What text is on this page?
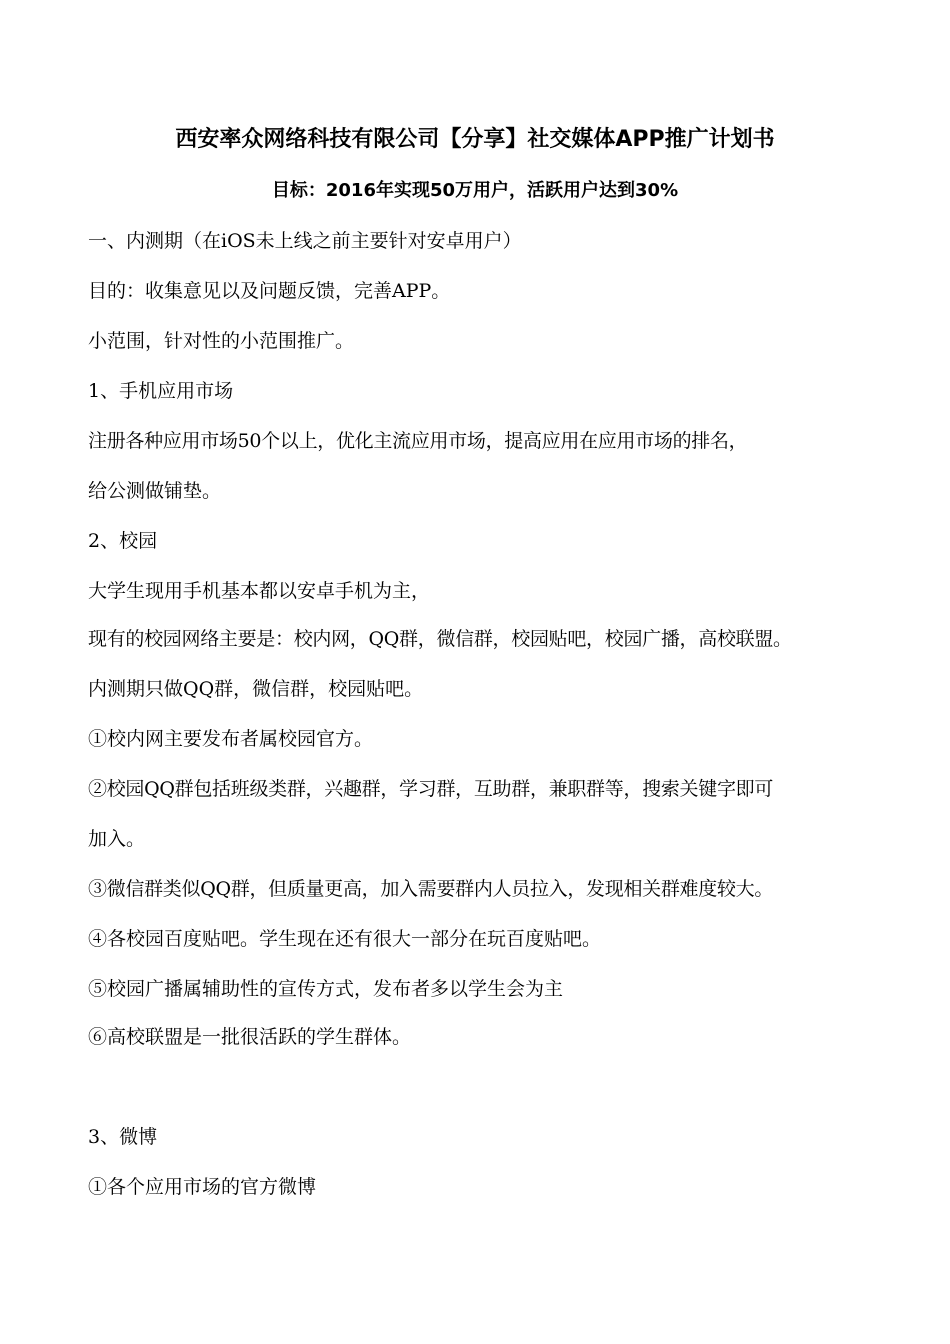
西安率众网络科技有限公司【分享】社交媒体APP推广计划书
目标：2016年实现50万用户，活跃用户达到30%
一、内测期（在iOS未上线之前主要针对安卓用户）
目的：收集意见以及问题反馈，完善APP。
小范围，针对性的小范围推广。
1、手机应用市场
注册各种应用市场50个以上，优化主流应用市场，提高应用在应用市场的排名，
给公测做铺垫。
2、校园
大学生现用手机基本都以安卓手机为主，
现有的校园网络主要是：校内网，QQ群，微信群，校园贴吧，校园广播，高校联盟。
内测期只做QQ群，微信群，校园贴吧。
①校内网主要发布者属校园官方。
②校园QQ群包括班级类群，兴趣群，学习群，互助群，兼职群等，搜索关键字即可
加入。
③微信群类似QQ群，但质量更高，加入需要群内人员拉入，发现相关群难度较大。
④各校园百度贴吧。学生现在还有很大一部分在玩百度贴吧。
⑤校园广播属辅助性的宣传方式，发布者多以学生会为主
⑥高校联盟是一批很活跃的学生群体。
3、微博
①各个应用市场的官方微博
